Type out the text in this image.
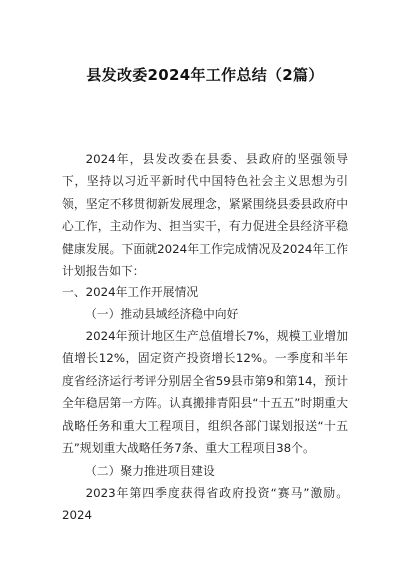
县发改委2024年工作总结（2篇）

2024年，县发改委在县委、县政府的坚强领导下，坚持以习近平新时代中国特色社会主义思想为引领，坚定不移贯彻新发展理念，紧紧围绕县委县政府中心工作，主动作为、担当实干，有力促进全县经济平稳健康发展。下面就2024年工作完成情况及2024年工作计划报告如下：

一、2024年工作开展情况
（一）推动县域经济稳中向好

2024年预计地区生产总值增长7%，规模工业增加值增长12%，固定资产投资增长12%。一季度和半年度省经济运行考评分别居全省59县市第9和第14，预计全年稳居第一方阵。认真搬排青阳县“十五五”时期重大战略任务和重大工程项目，组织各部门谋划报送“十五五”规划重大战略任务7条、重大工程项目38个。

（二）聚力推进项目建设

2023年第四季度获得省政府投资“赛马”激励。2024
